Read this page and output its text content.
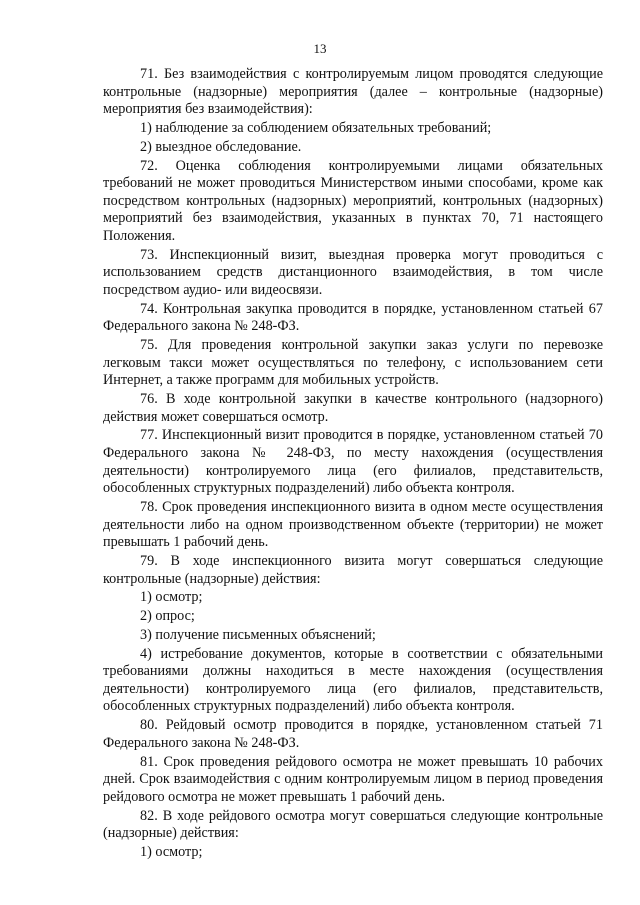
13
71. Без взаимодействия с контролируемым лицом проводятся следующие контрольные (надзорные) мероприятия (далее – контрольные (надзорные) мероприятия без взаимодействия):
1) наблюдение за соблюдением обязательных требований;
2) выездное обследование.
72. Оценка соблюдения контролируемыми лицами обязательных требований не может проводиться Министерством иными способами, кроме как посредством контрольных (надзорных) мероприятий, контрольных (надзорных) мероприятий без взаимодействия, указанных в пунктах 70, 71 настоящего Положения.
73. Инспекционный визит, выездная проверка могут проводиться с использованием средств дистанционного взаимодействия, в том числе посредством аудио- или видеосвязи.
74. Контрольная закупка проводится в порядке, установленном статьей 67 Федерального закона № 248-ФЗ.
75. Для проведения контрольной закупки заказ услуги по перевозке легковым такси может осуществляться по телефону, с использованием сети Интернет, а также программ для мобильных устройств.
76. В ходе контрольной закупки в качестве контрольного (надзорного) действия может совершаться осмотр.
77. Инспекционный визит проводится в порядке, установленном статьей 70 Федерального закона № 248-ФЗ, по месту нахождения (осуществления деятельности) контролируемого лица (его филиалов, представительств, обособленных структурных подразделений) либо объекта контроля.
78. Срок проведения инспекционного визита в одном месте осуществления деятельности либо на одном производственном объекте (территории) не может превышать 1 рабочий день.
79. В ходе инспекционного визита могут совершаться следующие контрольные (надзорные) действия:
1) осмотр;
2) опрос;
3) получение письменных объяснений;
4) истребование документов, которые в соответствии с обязательными требованиями должны находиться в месте нахождения (осуществления деятельности) контролируемого лица (его филиалов, представительств, обособленных структурных подразделений) либо объекта контроля.
80. Рейдовый осмотр проводится в порядке, установленном статьей 71 Федерального закона № 248-ФЗ.
81. Срок проведения рейдового осмотра не может превышать 10 рабочих дней. Срок взаимодействия с одним контролируемым лицом в период проведения рейдового осмотра не может превышать 1 рабочий день.
82. В ходе рейдового осмотра могут совершаться следующие контрольные (надзорные) действия:
1) осмотр;
